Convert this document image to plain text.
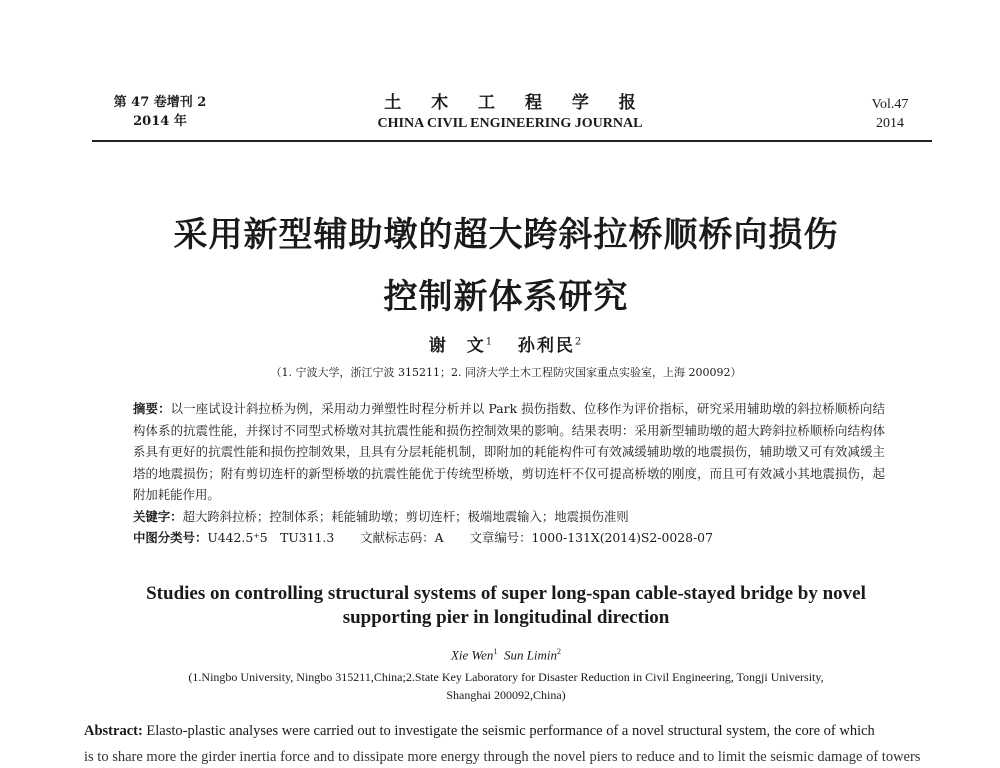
第 47 卷增刊 2
2014 年
土 木 工 程 学 报
CHINA CIVIL ENGINEERING JOURNAL
Vol.47
2014
采用新型辅助墩的超大跨斜拉桥顺桥向损伤
控制新体系研究
谢　文$^1$ 孙利民$^2$
（1. 宁波大学，浙江宁波 315211；2. 同济大学土木工程防灾国家重点实验室，上海 200092）
摘要：以一座试设计斜拉桥为例，采用动力弹塑性时程分析并以 Park 损伤指数、位移作为评价指标，研究采用辅助墩的斜拉桥顺桥向结构体系的抗震性能，并探讨不同型式桥墩对其抗震性能和损伤控制效果的影响。结果表明：采用新型辅助墩的超大跨斜拉桥顺桥向结构体系具有更好的抗震性能和损伤控制效果，且具有分层耗能机制，即附加的耗能构件可有效减缓辅助墩的地震损伤，辅助墩又可有效减缓主塔的地震损伤；附有剪切连杆的新型桥墩的抗震性能优于传统型桥墩，剪切连杆不仅可提高桥墩的刚度，而且可有效减小其地震损伤，起附加耗能作用。
关键字：超大跨斜拉桥；控制体系；耗能辅助墩；剪切连杆；极端地震输入；地震损伤准则
中图分类号：U442.5⁺5　TU311.3 文献标志码：A 文章编号：1000-131X(2014)S2-0028-07
Studies on controlling structural systems of super long-span cable-stayed bridge by novel
supporting pier in longitudinal direction
Xie Wen$^1$ Sun Limin$^2$
(1.Ningbo University, Ningbo 315211,China;2.State Key Laboratory for Disaster Reduction in Civil Engineering, Tongji University,
Shanghai 200092,China)
Abstract: Elasto-plastic analyses were carried out to investigate the seismic performance of a novel structural system, the core of which
is to share more the girder inertia force and to dissipate more energy through the novel piers to reduce and to limit the seismic damage of towers
